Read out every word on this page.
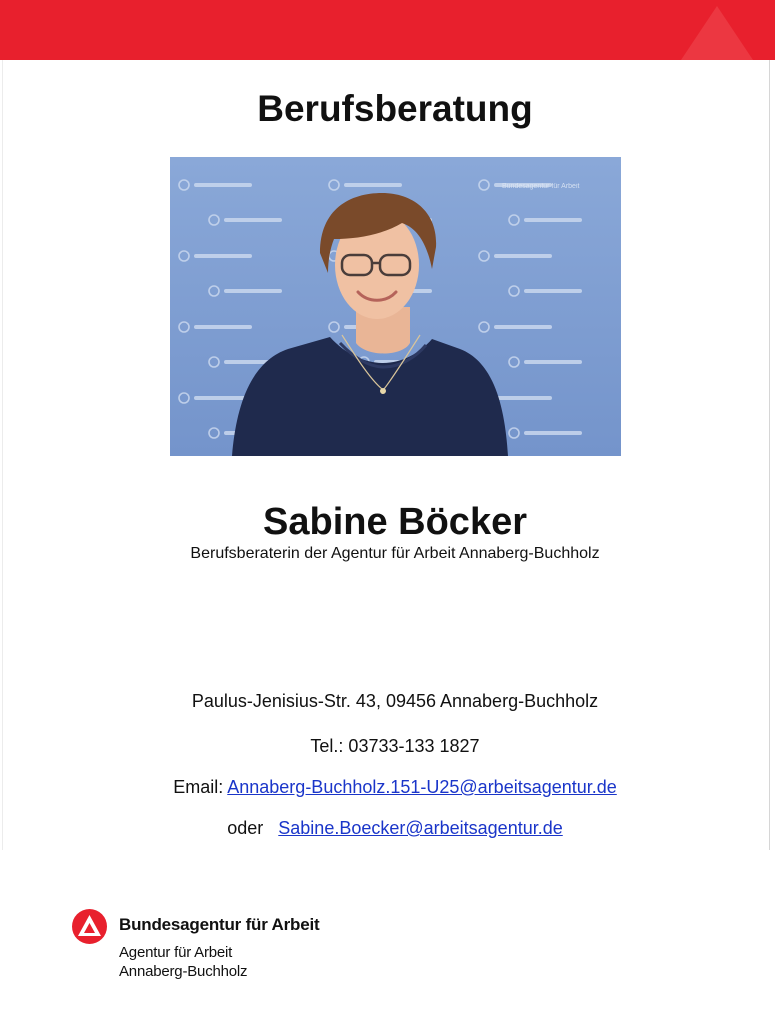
Berufsberatung
Bundesagentur für Arbeit
Sabine Böcker
Berufsberaterin der Agentur für Arbeit Annaberg-Buchholz
Paulus-Jenisius-Str. 43, 09456 Annaberg-Buchholz
Tel.: 03733-133 1827
Email: Annaberg-Buchholz.151-U25@arbeitsagentur.de
oder Sabine.Boecker@arbeitsagentur.de
Bundesagentur für Arbeit
Agentur für Arbeit
Annaberg-Buchholz
